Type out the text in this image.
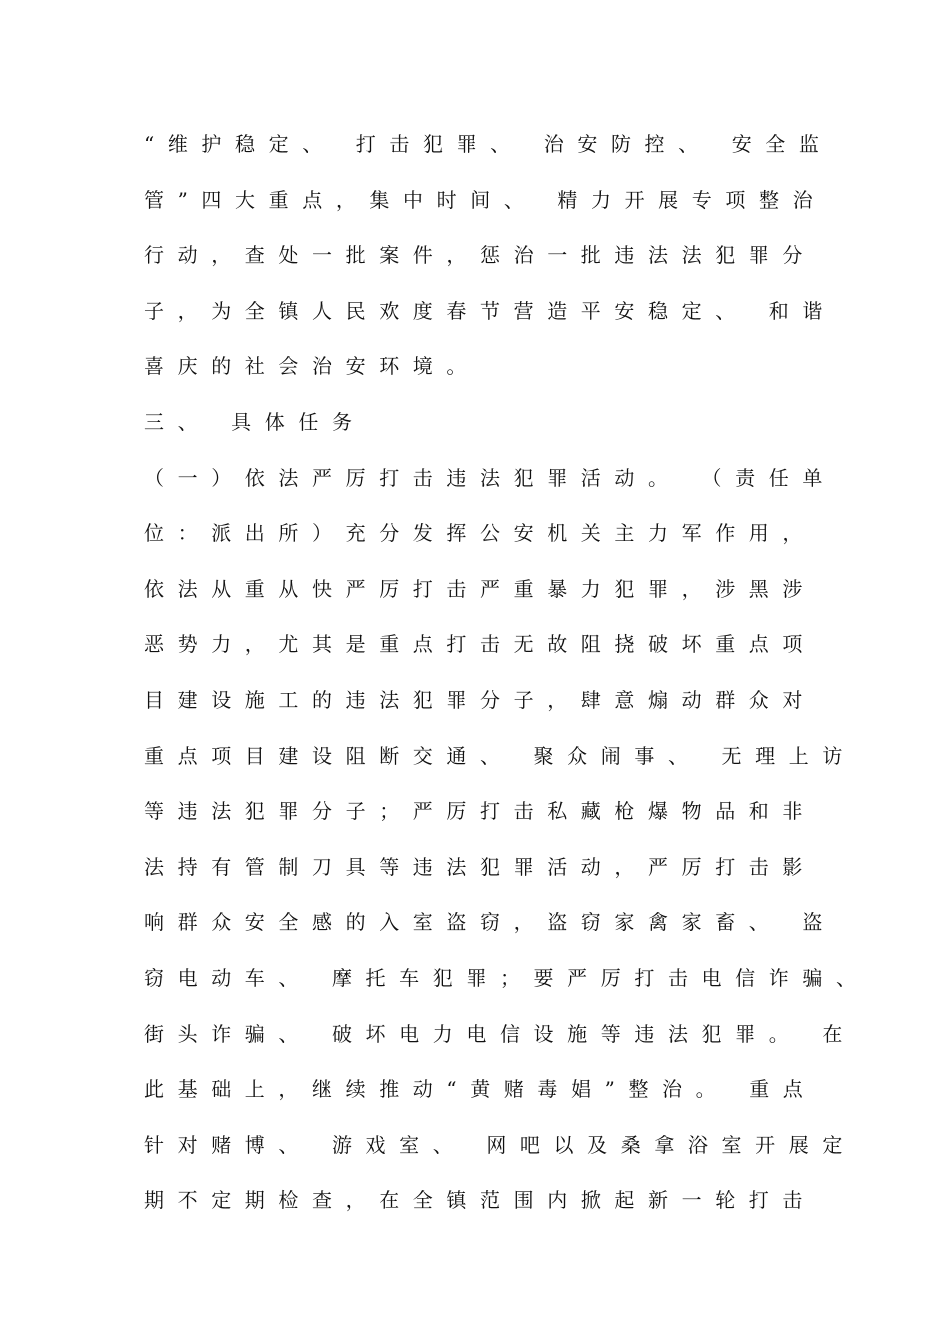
“维护稳定、 打击犯罪、 治安防控、 安全监
管”四大重点，集中时间、 精力开展专项整治
行动，查处一批案件，惩治一批违法法犯罪分
子，为全镇人民欢度春节营造平安稳定、 和谐
喜庆的社会治安环境。
三、 具体任务
（一）依法严厉打击违法犯罪活动。 （责任单
位：派出所）充分发挥公安机关主力军作用，
依法从重从快严厉打击严重暴力犯罪，涉黑涉
恶势力，尤其是重点打击无故阻挠破坏重点项
目建设施工的违法犯罪分子，肆意煽动群众对
重点项目建设阻断交通、 聚众闹事、 无理上访
等违法犯罪分子；严厉打击私藏枪爆物品和非
法持有管制刀具等违法犯罪活动，严厉打击影
响群众安全感的入室盗窃，盗窃家禽家畜、 盗
窃电动车、 摩托车犯罪；要严厉打击电信诈骗、
街头诈骗、 破坏电力电信设施等违法犯罪。 在
此基础上，继续推动“黄赌毒娼”整治。 重点
针对赌博、 游戏室、 网吧以及桑拿浴室开展定
期不定期检查，在全镇范围内掀起新一轮打击
